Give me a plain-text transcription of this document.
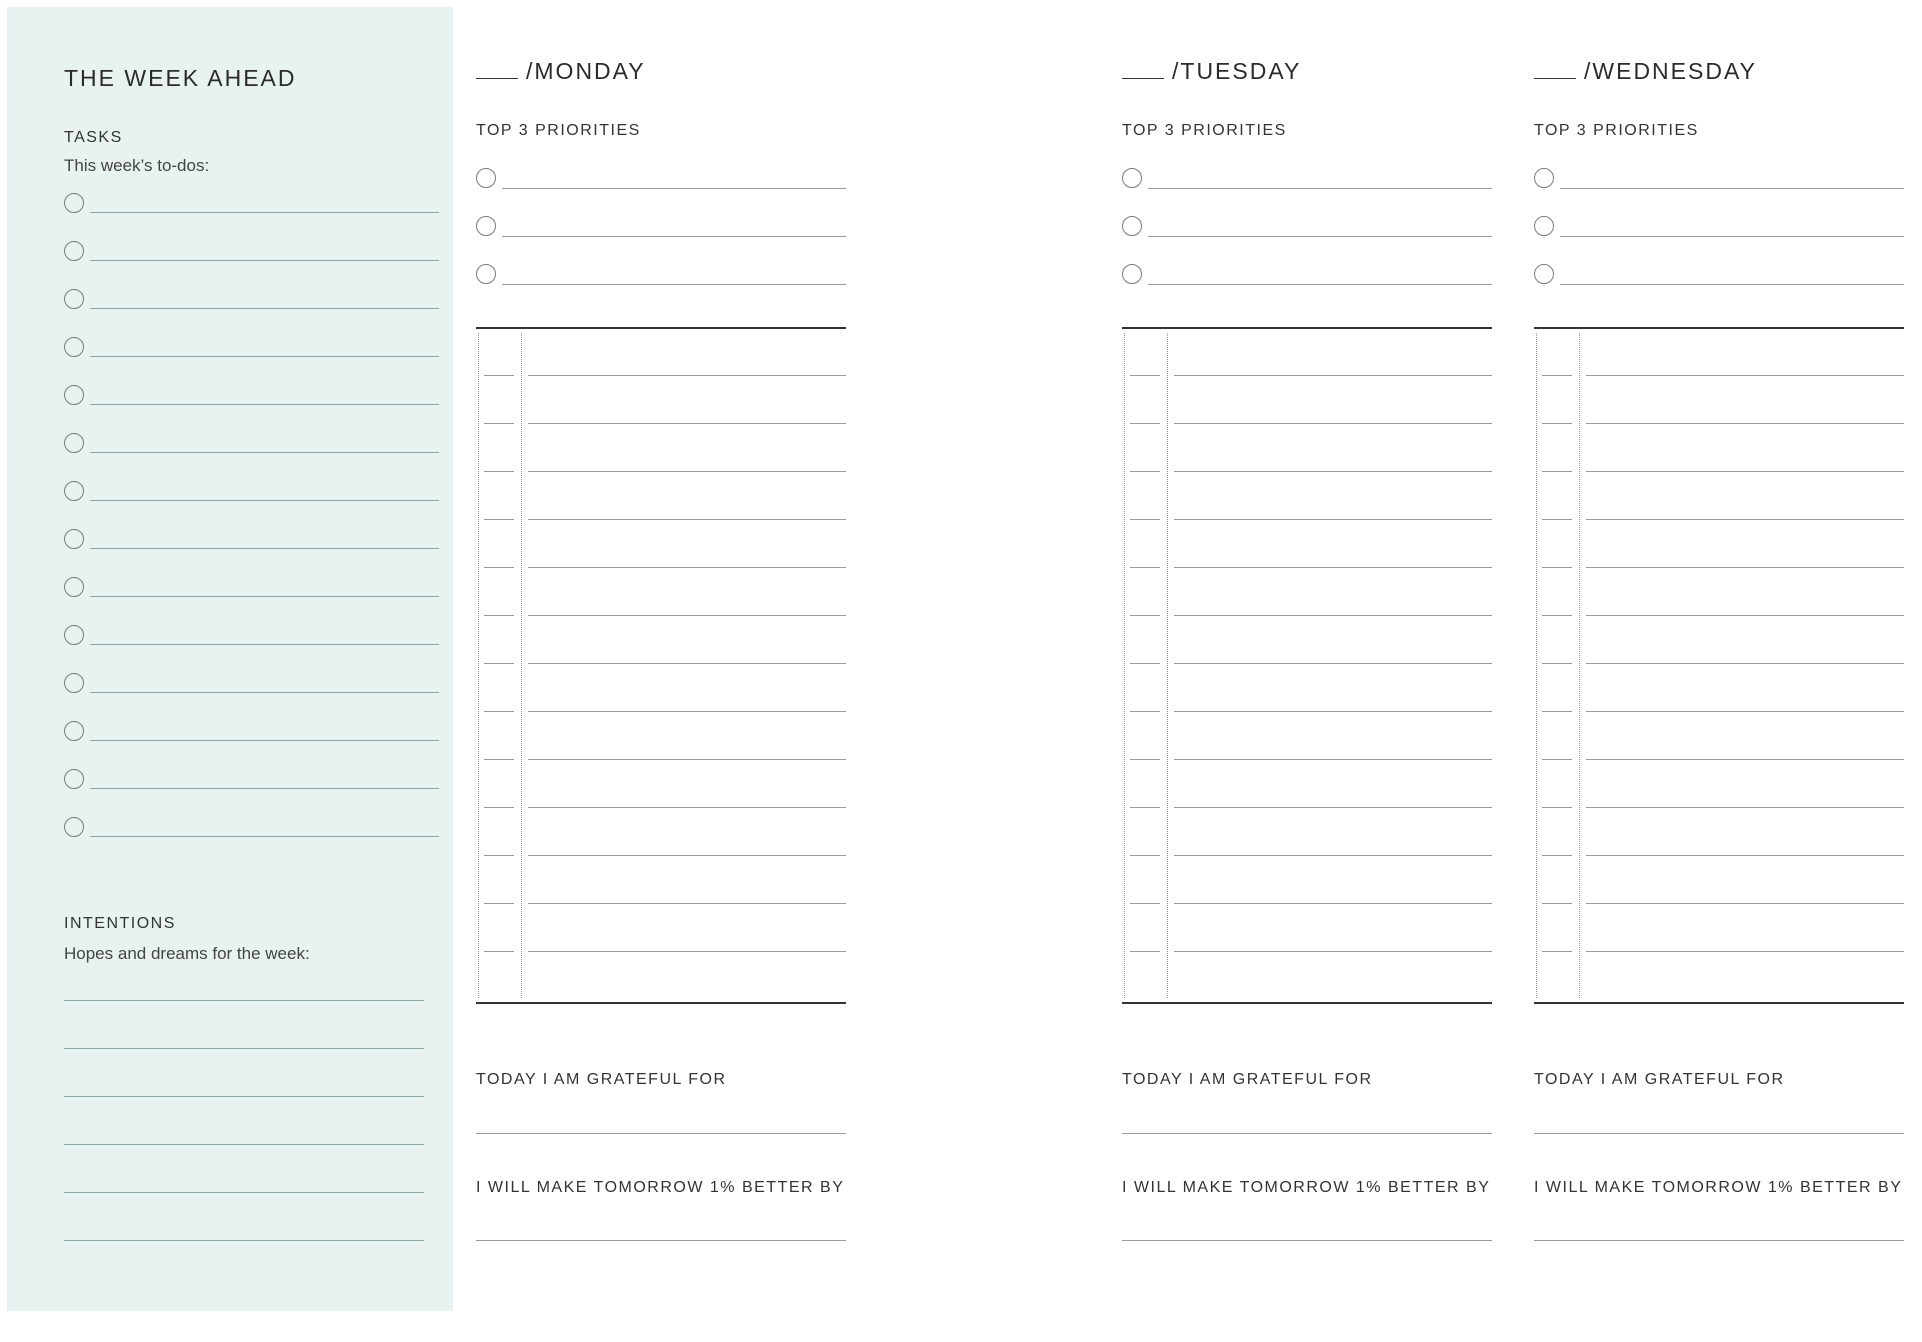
THE WEEK AHEAD
TASKS
This week’s to-dos:
INTENTIONS
Hopes and dreams for the week:
/MONDAY
TOP 3 PRIORITIES
TODAY I AM GRATEFUL FOR
I WILL MAKE TOMORROW 1% BETTER BY
/TUESDAY
TOP 3 PRIORITIES
TODAY I AM GRATEFUL FOR
I WILL MAKE TOMORROW 1% BETTER BY
/WEDNESDAY
TOP 3 PRIORITIES
TODAY I AM GRATEFUL FOR
I WILL MAKE TOMORROW 1% BETTER BY
